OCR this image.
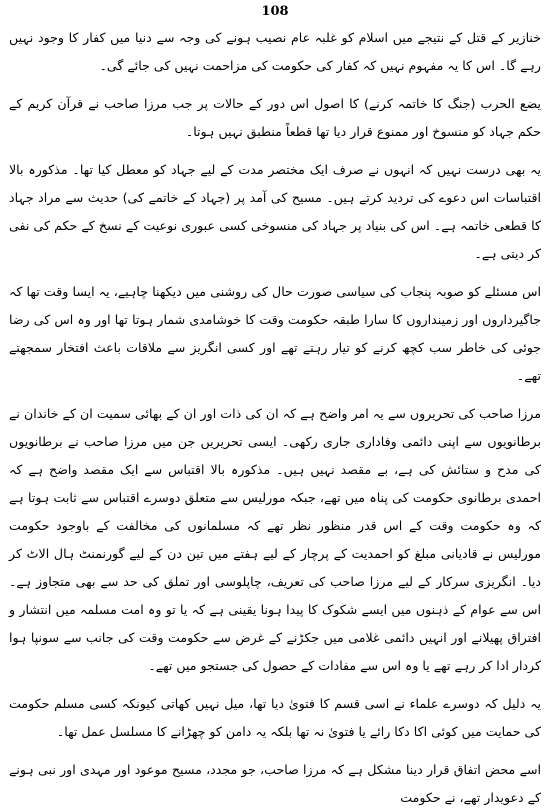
108

خنازیر کے قتل کے نتیجے میں اسلام کو غلبہ عام نصیب ہونے کی وجہ سے دنیا میں کفار کا وجود نہیں رہے گا۔ اس کا یہ مفہوم نہیں کہ کفار کی حکومت کی مزاحمت نہیں کی جائے گی۔

یضع الحرب (جنگ کا خاتمہ کرنے) کا اصول اس دور کے حالات پر جب مرزا صاحب نے قرآن کریم کے حکم جہاد کو منسوخ اور ممنوع قرار دیا تھا قطعاً منطبق نہیں ہوتا۔

یہ بھی درست نہیں کہ انہوں نے صرف ایک مختصر مدت کے لیے جہاد کو معطل کیا تھا۔ مذکورہ بالا اقتباسات اس دعوے کی تردید کرتے ہیں۔ مسیح کی آمد پر (جہاد کے خاتمے کی) حدیث سے مراد جہاد کا قطعی خاتمہ ہے۔ اس کی بنیاد پر جہاد کی منسوخی کسی عبوری نوعیت کے نسخ کے حکم کی نفی کر دیتی ہے۔

اس مسئلے کو صوبہ پنجاب کی سیاسی صورت حال کی روشنی میں دیکھنا چاہیے، یہ ایسا وقت تھا کہ جاگیرداروں اور زمینداروں کا سارا طبقہ حکومت وقت کا خوشامدی شمار ہوتا تھا اور وہ اس کی رضا جوئی کی خاطر سب کچھ کرنے کو تیار رہتے تھے اور کسی انگریز سے ملاقات باعث افتخار سمجھتے تھے۔

مرزا صاحب کی تحریروں سے یہ امر واضح ہے کہ ان کی ذات اور ان کے بھائی سمیت ان کے خاندان نے برطانویوں سے اپنی دائمی وفاداری جاری رکھی۔ ایسی تحریریں جن میں مرزا صاحب نے برطانویوں کی مدح و ستائش کی ہے، بے مقصد نہیں ہیں۔ مذکورہ بالا اقتباس سے ایک مقصد واضح ہے کہ احمدی برطانوی حکومت کی پناہ میں تھے، جبکہ مورلیس سے متعلق دوسرے اقتباس سے ثابت ہوتا ہے کہ وہ حکومت وقت کے اس قدر منظور نظر تھے کہ مسلمانوں کی مخالفت کے باوجود حکومت مورلیس نے قادیانی مبلغ کو احمدیت کے پرچار کے لیے ہفتے میں تین دن کے لیے گورنمنٹ ہال الاٹ کر دیا۔ انگریزی سرکار کے لیے مرزا صاحب کی تعریف، چاپلوسی اور تملق کی حد سے بھی متجاوز ہے۔ اس سے عوام کے ذہنوں میں ایسے شکوک کا پیدا ہونا یقینی ہے کہ یا تو وہ امت مسلمہ میں انتشار و افتراق پھیلانے اور انہیں دائمی غلامی میں جکڑنے کے غرض سے حکومت وقت کی جانب سے سونپا ہوا کردار ادا کر رہے تھے یا وہ اس سے مفادات کے حصول کی جستجو میں تھے۔

یہ دلیل کہ دوسرے علماء نے اسی قسم کا فتویٰ دیا تھا، میل نہیں کھاتی کیونکہ کسی مسلم حکومت کی حمایت میں کوئی اکا دکا رائے یا فتویٰ نہ تھا بلکہ یہ دامن کو چھڑانے کا مسلسل عمل تھا۔

اسے محض اتفاق قرار دینا مشکل ہے کہ مرزا صاحب، جو مجدد، مسیح موعود اور مہدی اور نبی ہونے کے دعویدار تھے، نے حکومت
